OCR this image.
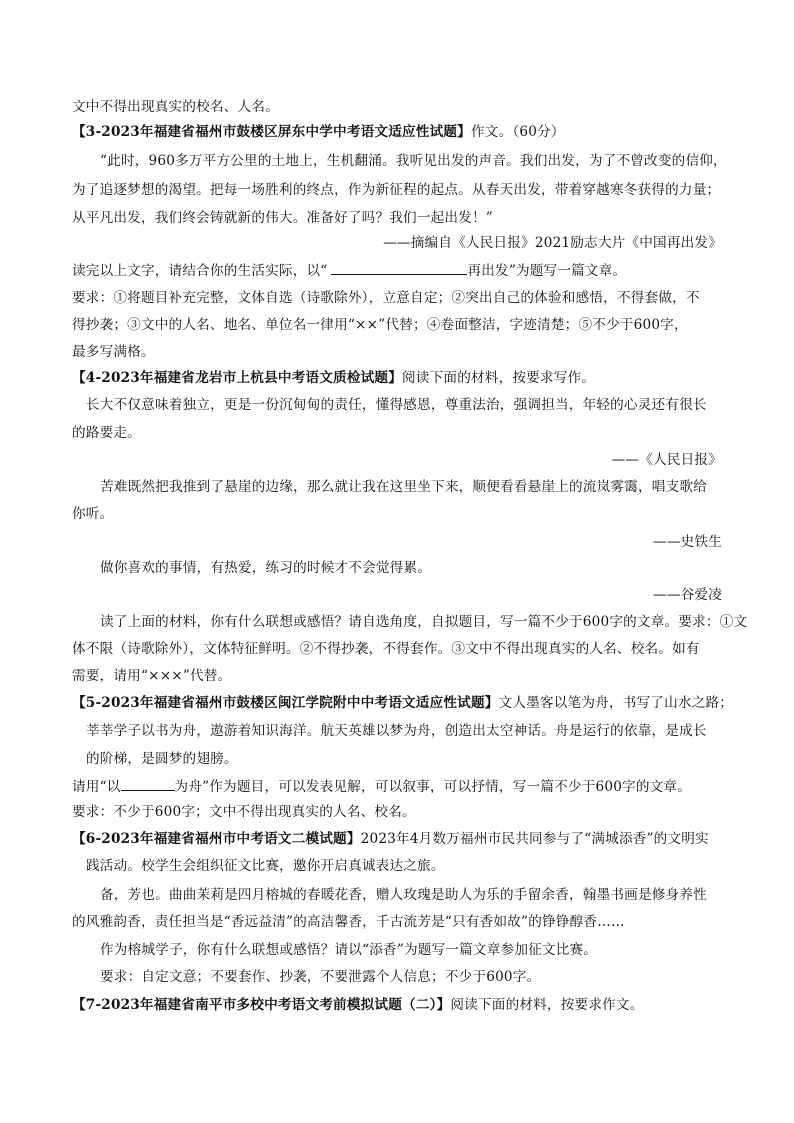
文中不得出现真实的校名、人名。
【3-2023年福建省福州市鼓楼区屏东中学中考语文适应性试题】作文。（60分）
“此时，960多万平方公里的土地上，生机翻涌。我听见出发的声音。我们出发，为了不曾改变的信仰，
为了追逐梦想的渴望。把每一场胜利的终点，作为新征程的起点。从春天出发，带着穿越寒冬获得的力量；
从平凡出发，我们终会铸就新的伟大。准备好了吗？我们一起出发！”
——摘编自《人民日报》2021励志大片《中国再出发》
读完以上文字，请结合你的生活实际，以“	再出发”为题写一篇文章。
要求：①将题目补充完整，文体自选（诗歌除外），立意自定；②突出自己的体验和感悟，不得套做，不
得抄袭；③文中的人名、地名、单位名一律用“××”代替；④卷面整洁，字迹清楚；⑤不少于600字，
最多写满格。
【4-2023年福建省龙岩市上杭县中考语文质检试题】阅读下面的材料，按要求写作。
长大不仅意味着独立，更是一份沉甸甸的责任，懂得感恩，尊重法治，强调担当，年轻的心灵还有很长
的路要走。
——《人民日报》
苦难既然把我推到了悬崖的边缘，那么就让我在这里坐下来，顺便看看悬崖上的流岚雾霭，唱支歌给
你听。
——史铁生
做你喜欢的事情，有热爱，练习的时候才不会觉得累。
——谷爱凌
读了上面的材料，你有什么联想或感悟？请自选角度，自拟题目，写一篇不少于600字的文章。要求：①文
体不限（诗歌除外），文体特征鲜明。②不得抄袭，不得套作。③文中不得出现真实的人名、校名。如有
需要，请用“×××”代替。
【5-2023年福建省福州市鼓楼区闽江学院附中中考语文适应性试题】文人墨客以笔为舟，书写了山水之路；
莘莘学子以书为舟，遨游着知识海洋。航天英雄以梦为舟，创造出太空神话。舟是运行的依靠，是成长
的阶梯，是圆梦的翅膀。
请用“以	为舟”作为题目，可以发表见解，可以叙事，可以抒情，写一篇不少于600字的文章。
要求：不少于600字；文中不得出现真实的人名、校名。
【6-2023年福建省福州市中考语文二模试题】2023年4月数万福州市民共同参与了“满城添香”的文明实
践活动。校学生会组织征文比赛，邀你开启真诚表达之旅。
备，芳也。曲曲茉莉是四月榕城的春暖花香，赠人玫瑰是助人为乐的手留余香，翰墨书画是修身养性
的风雅韵香，责任担当是“香远益清”的高洁馨香，千古流芳是“只有香如故”的铮铮醇香……
作为榕城学子，你有什么联想或感悟？请以“添香”为题写一篇文章参加征文比赛。
要求：自定文意；不要套作、抄袭，不要泄露个人信息；不少于600字。
【7-2023年福建省南平市多校中考语文考前模拟试题（二）】阅读下面的材料，按要求作文。
